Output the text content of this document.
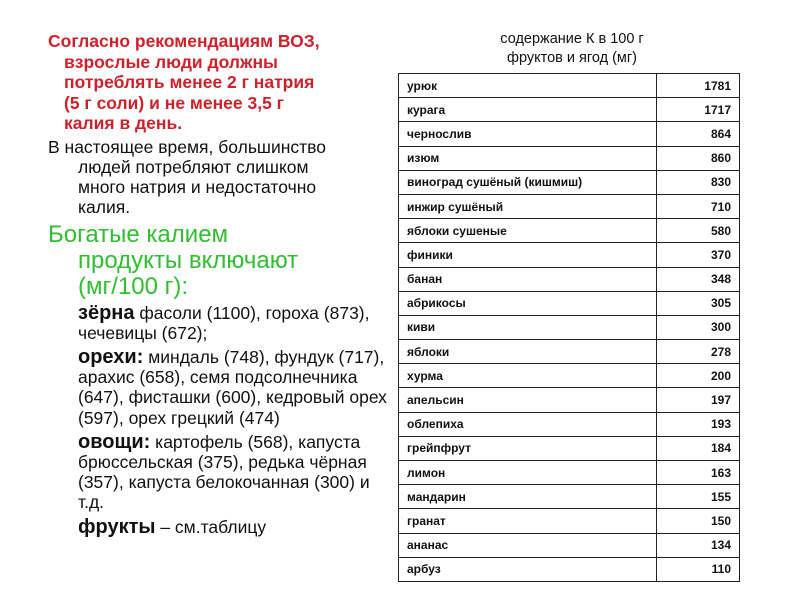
Согласно рекомендациям ВОЗ,
взрослые люди должны
потреблять менее 2 г натрия
(5 г соли) и не менее 3,5 г
калия в день.
В настоящее время, большинство
людей потребляют слишком
много натрия и недостаточно
калия.
Богатые калием
продукты включают
(мг/100 г):
зёрна фасоли (1100), гороха (873), чечевицы (672);
орехи: миндаль (748), фундук (717), арахис (658), семя подсолнечника (647), фисташки (600), кедровый орех (597), орех грецкий (474)
овощи: картофель (568), капуста брюссельская (375), редька чёрная (357), капуста белокочанная (300) и т.д.
фрукты – см.таблицу
содержание К в 100 г
фруктов и ягод (мг)
урюк	1781
курага	1717
чернослив	864
изюм	860
виноград сушёный (кишмиш)	830
инжир сушёный	710
яблоки сушеные	580
финики	370
банан	348
абрикосы	305
киви	300
яблоки	278
хурма	200
апельсин	197
облепиха	193
грейпфрут	184
лимон	163
мандарин	155
гранат	150
ананас	134
арбуз	110
